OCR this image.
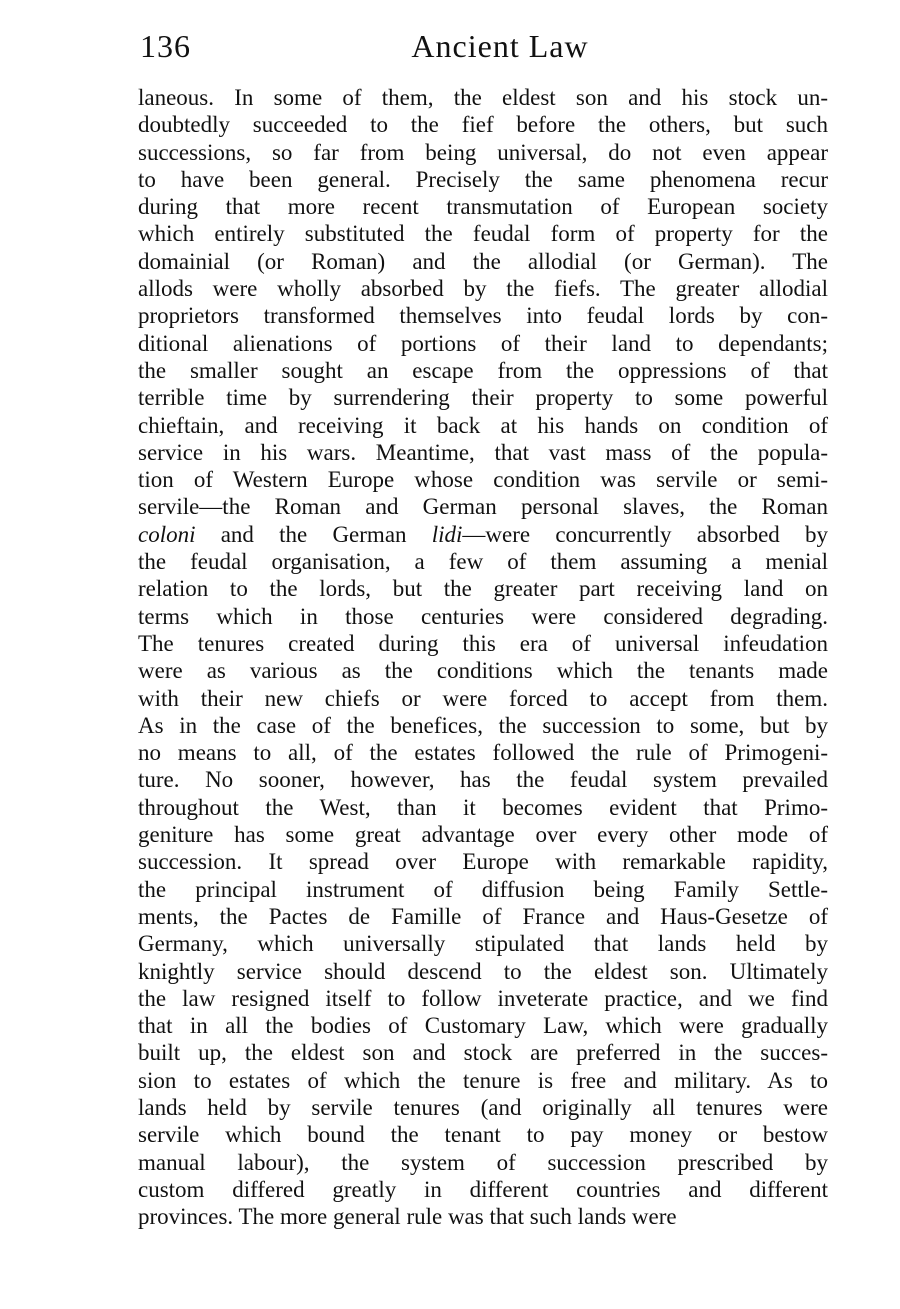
136	Ancient Law
laneous. In some of them, the eldest son and his stock un-
doubtedly succeeded to the fief before the others, but such
successions, so far from being universal, do not even appear
to have been general. Precisely the same phenomena recur
during that more recent transmutation of European society
which entirely substituted the feudal form of property for the
domainial (or Roman) and the allodial (or German). The
allods were wholly absorbed by the fiefs. The greater allodial
proprietors transformed themselves into feudal lords by con-
ditional alienations of portions of their land to dependants;
the smaller sought an escape from the oppressions of that
terrible time by surrendering their property to some powerful
chieftain, and receiving it back at his hands on condition of
service in his wars. Meantime, that vast mass of the popula-
tion of Western Europe whose condition was servile or semi-
servile—the Roman and German personal slaves, the Roman
coloni and the German lidi—were concurrently absorbed by
the feudal organisation, a few of them assuming a menial
relation to the lords, but the greater part receiving land on
terms which in those centuries were considered degrading.
The tenures created during this era of universal infeudation
were as various as the conditions which the tenants made
with their new chiefs or were forced to accept from them.
As in the case of the benefices, the succession to some, but by
no means to all, of the estates followed the rule of Primogeni-
ture. No sooner, however, has the feudal system prevailed
throughout the West, than it becomes evident that Primo-
geniture has some great advantage over every other mode of
succession. It spread over Europe with remarkable rapidity,
the principal instrument of diffusion being Family Settle-
ments, the Pactes de Famille of France and Haus-Gesetze of
Germany, which universally stipulated that lands held by
knightly service should descend to the eldest son. Ultimately
the law resigned itself to follow inveterate practice, and we find
that in all the bodies of Customary Law, which were gradually
built up, the eldest son and stock are preferred in the succes-
sion to estates of which the tenure is free and military. As to
lands held by servile tenures (and originally all tenures were
servile which bound the tenant to pay money or bestow
manual labour), the system of succession prescribed by
custom differed greatly in different countries and different
provinces. The more general rule was that such lands were
